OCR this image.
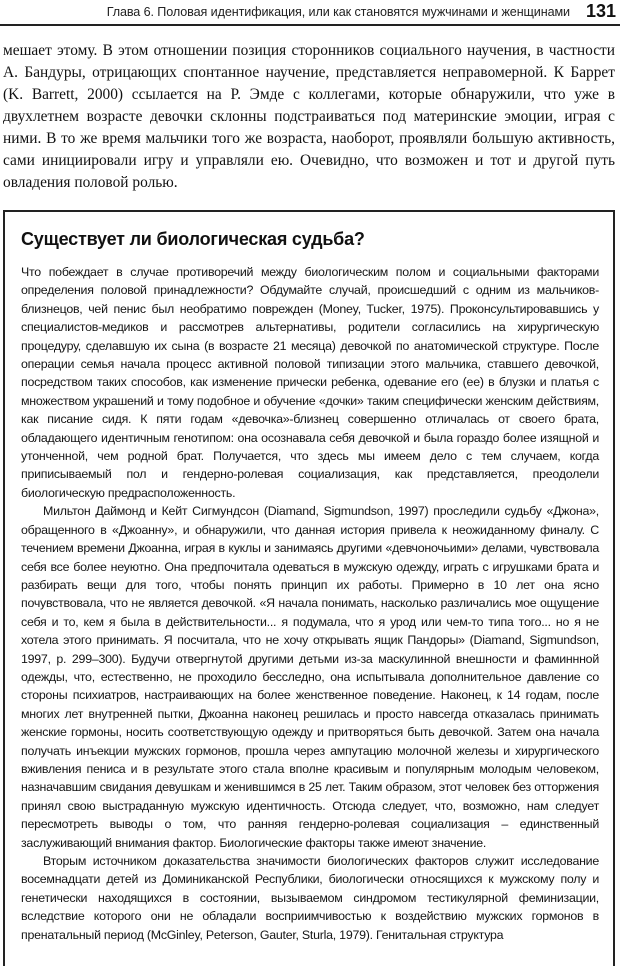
Глава 6. Половая идентификация, или как становятся мужчинами и женщинами 131

мешает этому. В этом отношении позиция сторонников социального научения, в частности А. Бандуры, отрицающих спонтанное научение, представляется неправомерной. К Баррет (K. Barrett, 2000) ссылается на Р. Эмде с коллегами, которые обнаружили, что уже в двухлетнем возрасте девочки склонны подстраиваться под материнские эмоции, играя с ними. В то же время мальчики того же возраста, наоборот, проявляли большую активность, сами инициировали игру и управляли ею. Очевидно, что возможен и тот и другой путь овладения половой ролью.

Существует ли биологическая судьба?

Что побеждает в случае противоречий между биологическим полом и социальными факторами определения половой принадлежности? Обдумайте случай, происшедший с одним из мальчиков-близнецов, чей пенис был необратимо поврежден (Money, Tucker, 1975). Проконсультировавшись у специалистов-медиков и рассмотрев альтернативы, родители согласились на хирургическую процедуру, сделавшую их сына (в возрасте 21 месяца) девочкой по анатомической структуре. После операции семья начала процесс активной половой типизации этого мальчика, ставшего девочкой, посредством таких способов, как изменение прически ребенка, одевание его (ее) в блузки и платья с множеством украшений и тому подобное и обучение «дочки» таким специфически женским действиям, как писание сидя. К пяти годам «девочка»-близнец совершенно отличалась от своего брата, обладающего идентичным генотипом: она осознавала себя девочкой и была гораздо более изящной и утонченной, чем родной брат. Получается, что здесь мы имеем дело с тем случаем, когда приписываемый пол и гендерно-ролевая социализация, как представляется, преодолели биологическую предрасположенность.

Мильтон Даймонд и Кейт Сигмундсон (Diamand, Sigmundson, 1997) проследили судьбу «Джона», обращенного в «Джоанну», и обнаружили, что данная история привела к неожиданному финалу. С течением времени Джоанна, играя в куклы и занимаясь другими «девчоночьими» делами, чувствовала себя все более неуютно. Она предпочитала одеваться в мужскую одежду, играть с игрушками брата и разбирать вещи для того, чтобы понять принцип их работы. Примерно в 10 лет она ясно почувствовала, что не является девочкой. «Я начала понимать, насколько различались мое ощущение себя и то, кем я была в действительности... я подумала, что я урод или чем-то типа того... но я не хотела этого принимать. Я посчитала, что не хочу открывать ящик Пандоры» (Diamand, Sigmundson, 1997, p. 299–300). Будучи отвергнутой другими детьми из-за маскулинной внешности и фаминнной одежды, что, естественно, не проходило бесследно, она испытывала дополнительное давление со стороны психиатров, настраивающих на более женственное поведение. Наконец, к 14 годам, после многих лет внутренней пытки, Джоанна наконец решилась и просто навсегда отказалась принимать женские гормоны, носить соответствующую одежду и притворяться быть девочкой. Затем она начала получать инъекции мужских гормонов, прошла через ампутацию молочной железы и хирургического вживления пениса и в результате этого стала вполне красивым и популярным молодым человеком, назначавшим свидания девушкам и женившимся в 25 лет. Таким образом, этот человек без отторжения принял свою выстраданную мужскую идентичность. Отсюда следует, что, возможно, нам следует пересмотреть выводы о том, что ранняя гендерно-ролевая социализация – единственный заслуживающий внимания фактор. Биологические факторы также имеют значение.

Вторым источником доказательства значимости биологических факторов служит исследование восемнадцати детей из Доминиканской Республики, биологически относящихся к мужскому полу и генетически находящихся в состоянии, вызываемом синдромом тестикулярной феминизации, вследствие которого они не обладали восприимчивостью к воздействию мужских гормонов в пренатальный период (McGinley, Peterson, Gauter, Sturla, 1979). Генитальная структура
